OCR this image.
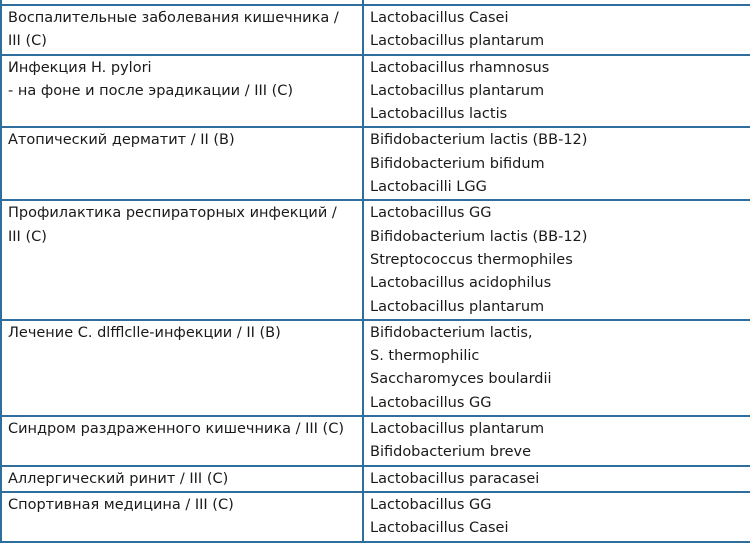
Воспалительные заболевания кишечника /
III (С)	Lactobacillus Casei
Lactobacillus plantarum

Инфекция H. pylori
- на фоне и после эрадикации / III (С)	Lactobacillus rhamnosus
Lactobacillus plantarum
Lactobacillus lactis

Атопический дерматит / II (В)	Bifidobacterium lactis (BB-12)
Bifidobacterium bifidum
Lactobacilli LGG

Профилактика респираторных инфекций /
III (С)	Lactobacillus GG
Bifidobacterium lactis (BB-12)
Streptococcus thermophiles
Lactobacillus acidophilus
Lactobacillus plantarum

Лечение C. dlfflclle-инфекции / II (В)	Bifidobacterium lactis,
S. thermophilic
Saccharomyces boulardii
Lactobacillus GG

Синдром раздраженного кишечника / III (С)	Lactobacillus plantarum
Bifidobacterium breve

Аллергический ринит / III (С)	Lactobacillus paracasei

Спортивная медицина / III (С)	Lactobacillus GG
Lactobacillus Casei
